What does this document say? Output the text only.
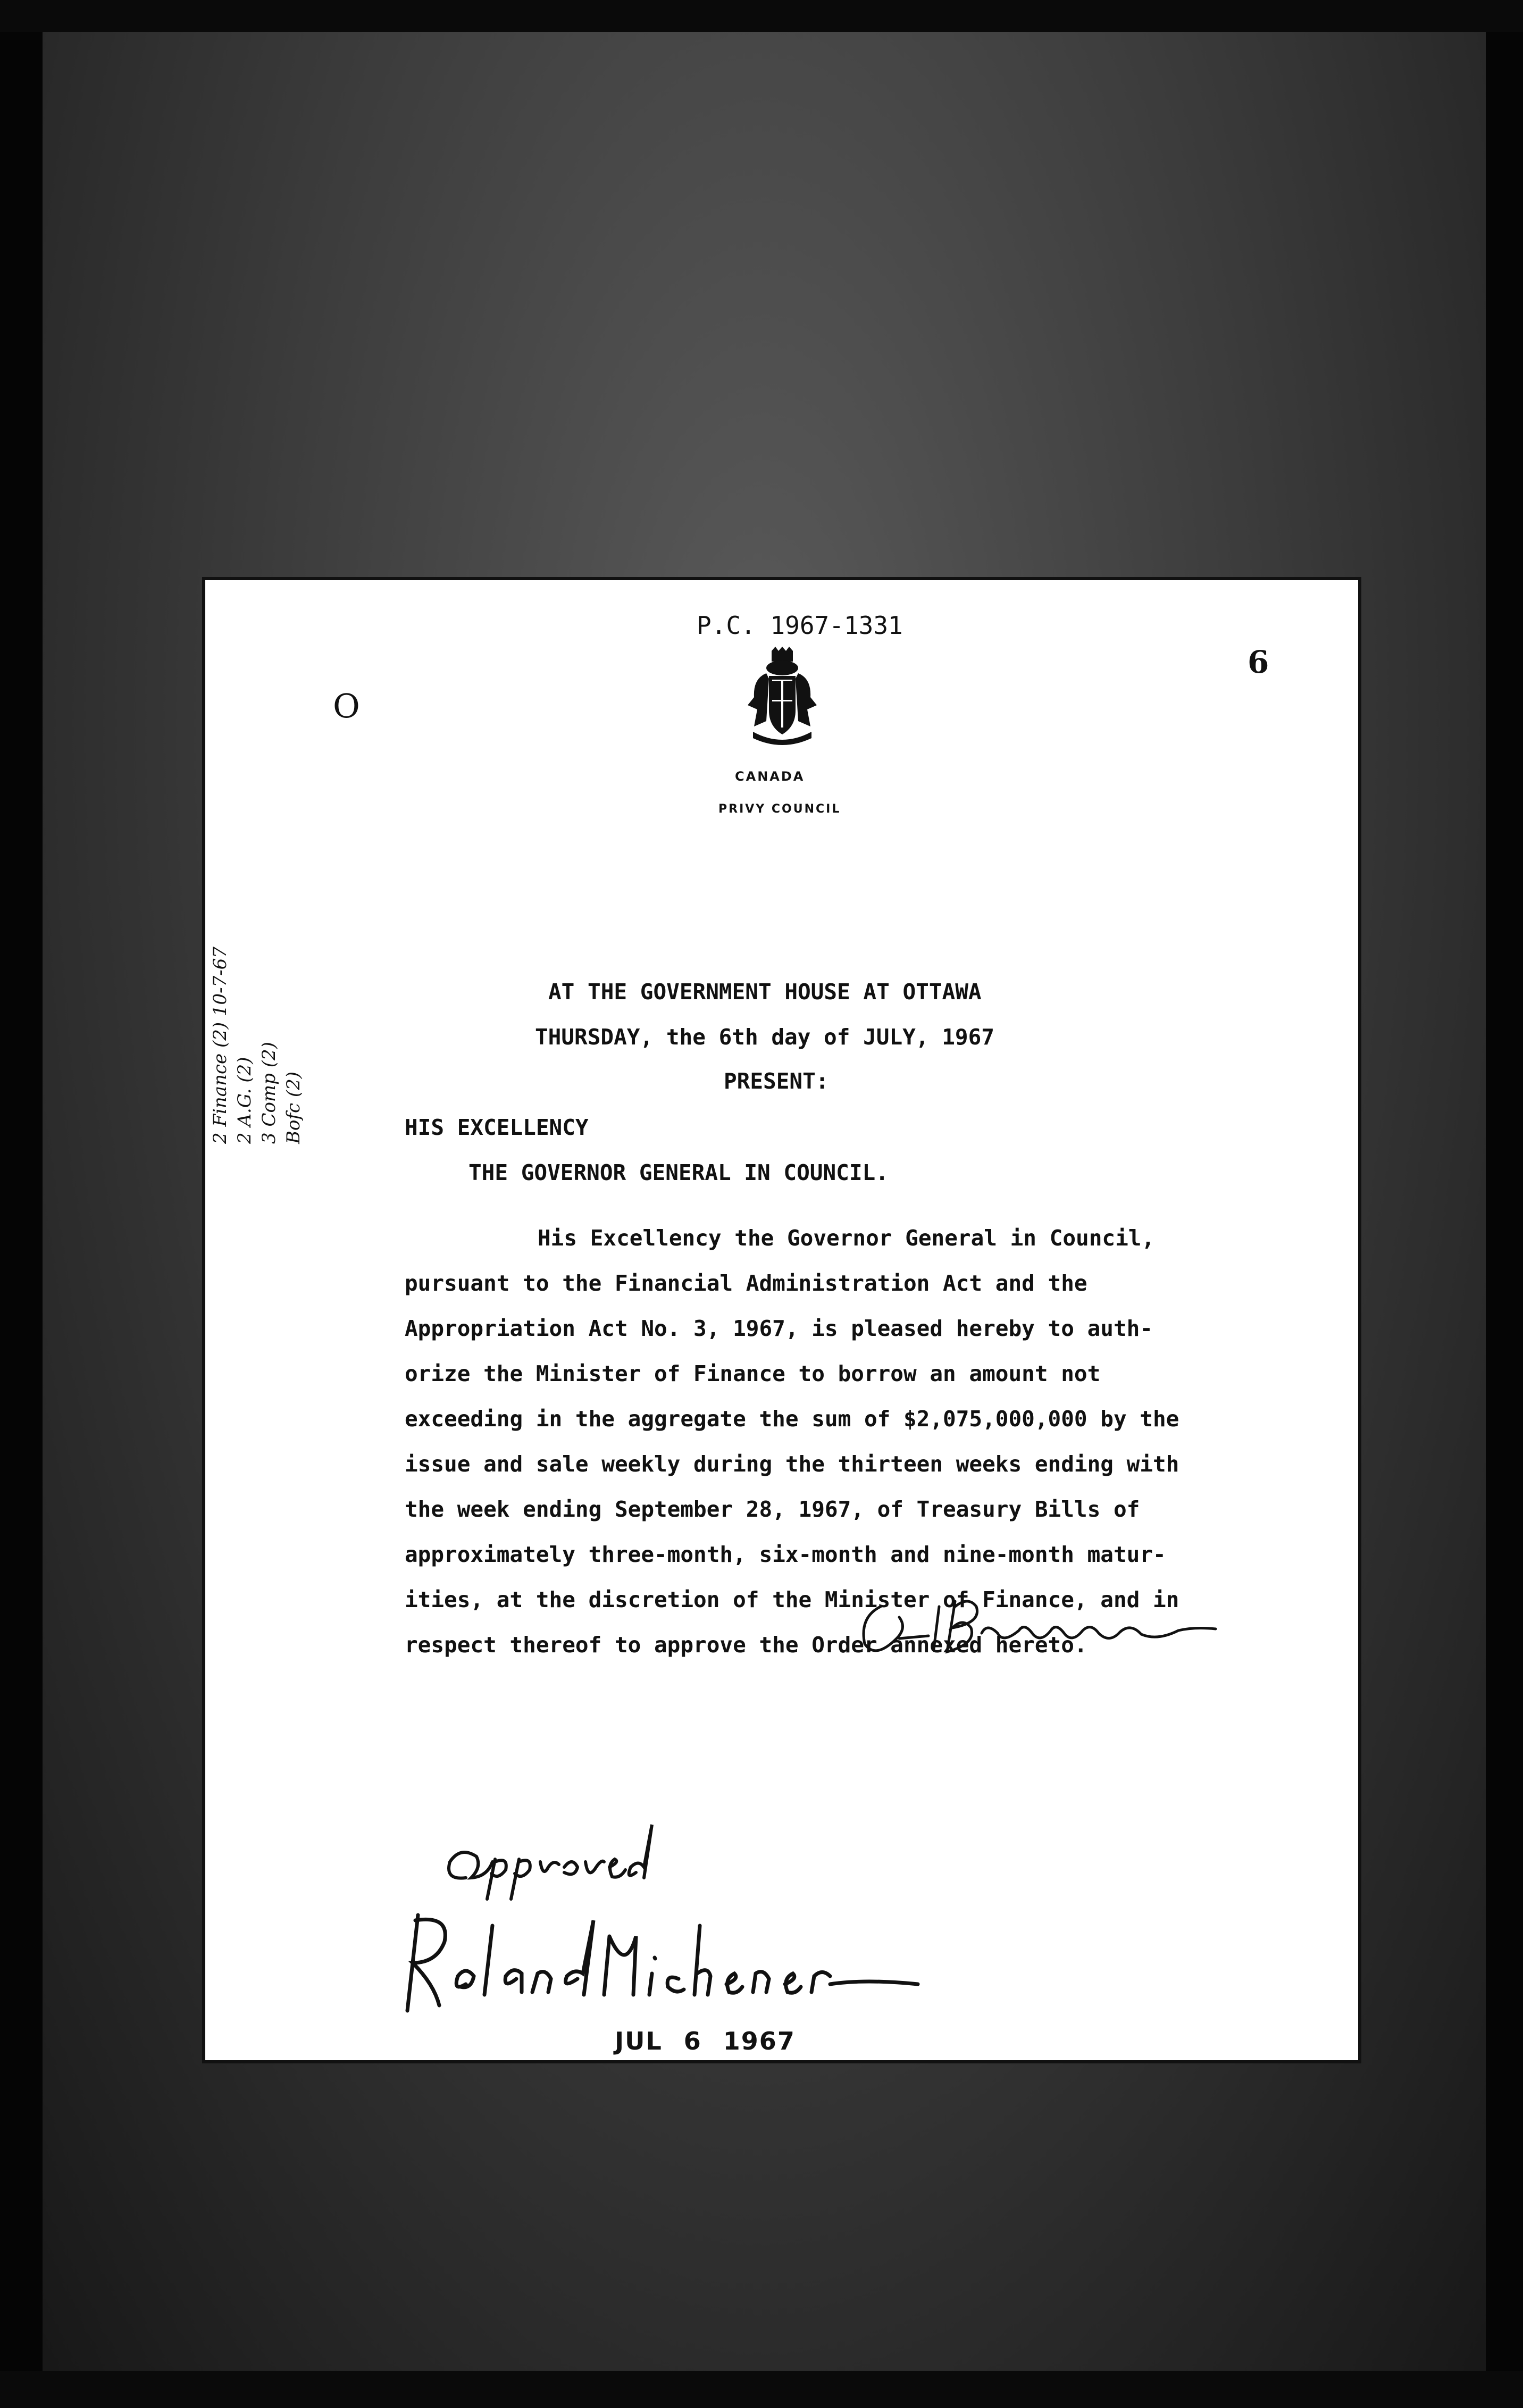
P.C. 1967-1331
6
O
CANADA
PRIVY COUNCIL
AT THE GOVERNMENT HOUSE AT OTTAWA
THURSDAY, the 6th day of JULY, 1967
PRESENT:
HIS EXCELLENCY
THE GOVERNOR GENERAL IN COUNCIL.
His Excellency the Governor General in Council,
pursuant to the Financial Administration Act and the
Appropriation Act No. 3, 1967, is pleased hereby to auth-
orize the Minister of Finance to borrow an amount not
exceeding in the aggregate the sum of $2,075,000,000 by the
issue and sale weekly during the thirteen weeks ending with
the week ending September 28, 1967, of Treasury Bills of
approximately three-month, six-month and nine-month matur-
ities, at the discretion of the Minister of Finance, and in
respect thereof to approve the Order annexed hereto.
2 Finance (2) 10-7-67 2 A.G. (2) 3 Comp (2) Bofc (2)
JUL 6 1967
